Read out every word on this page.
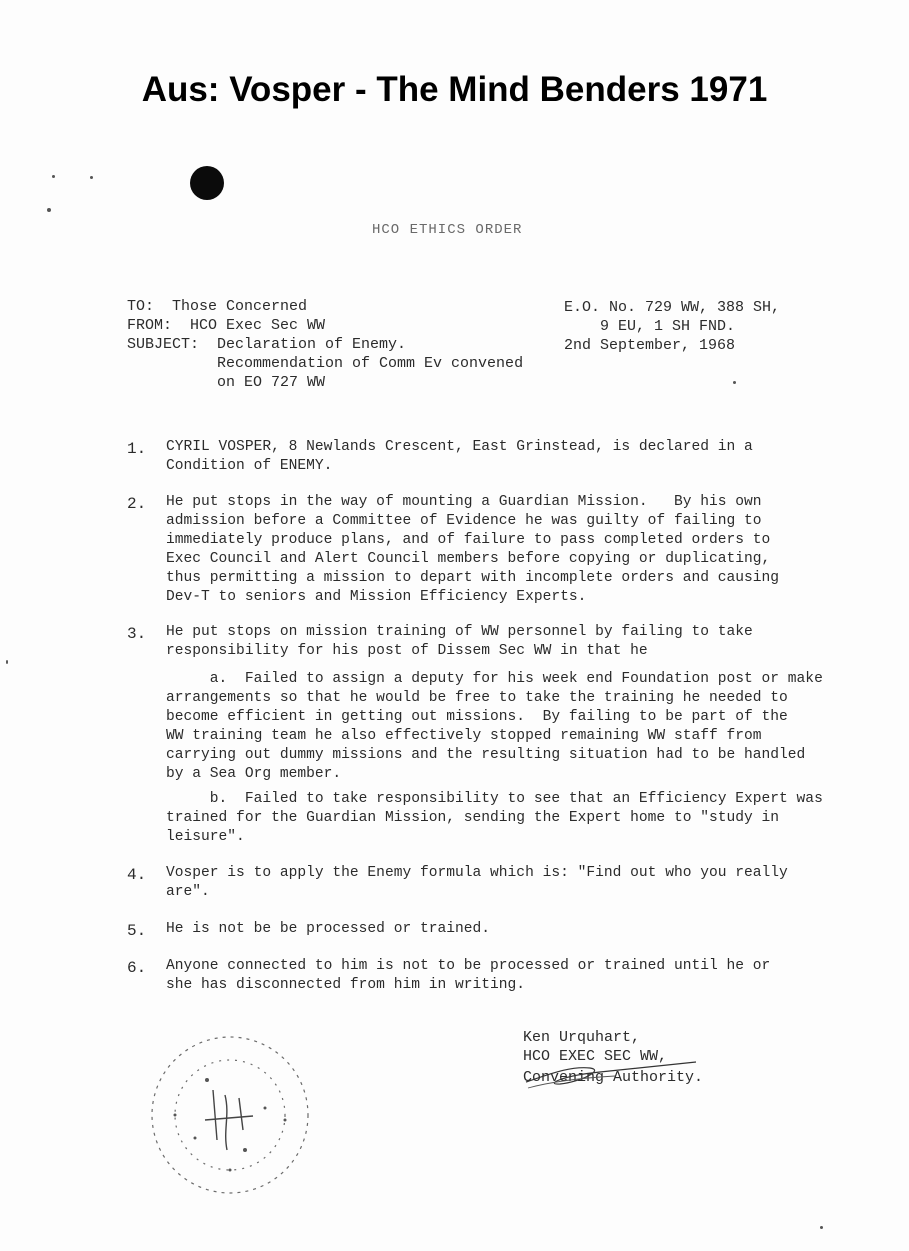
Aus: Vosper - The Mind Benders 1971
HCO ETHICS ORDER
TO:  Those Concerned
FROM:  HCO Exec Sec WW
SUBJECT:  Declaration of Enemy.
Recommendation of Comm Ev convened
on EO 727 WW
E.O. No. 729 WW, 388 SH,
9 EU, 1 SH FND.
2nd September, 1968
1. CYRIL VOSPER, 8 Newlands Crescent, East Grinstead, is declared in a
Condition of ENEMY.
2. He put stops in the way of mounting a Guardian Mission.   By his own
admission before a Committee of Evidence he was guilty of failing to
immediately produce plans, and of failure to pass completed orders to
Exec Council and Alert Council members before copying or duplicating,
thus permitting a mission to depart with incomplete orders and causing
Dev-T to seniors and Mission Efficiency Experts.
3. He put stops on mission training of WW personnel by failing to take
responsibility for his post of Dissem Sec WW in that he
a.  Failed to assign a deputy for his week end Foundation post or make
arrangements so that he would be free to take the training he needed to
become efficient in getting out missions.  By failing to be part of the
WW training team he also effectively stopped remaining WW staff from
carrying out dummy missions and the resulting situation had to be handled
by a Sea Org member.
b.  Failed to take responsibility to see that an Efficiency Expert was
trained for the Guardian Mission, sending the Expert home to "study in
leisure".
4. Vosper is to apply the Enemy formula which is: "Find out who you really
are".
5. He is not be be processed or trained.
6. Anyone connected to him is not to be processed or trained until he or
she has disconnected from him in writing.
Ken Urquhart,
HCO EXEC SEC WW,
Convening Authority.
